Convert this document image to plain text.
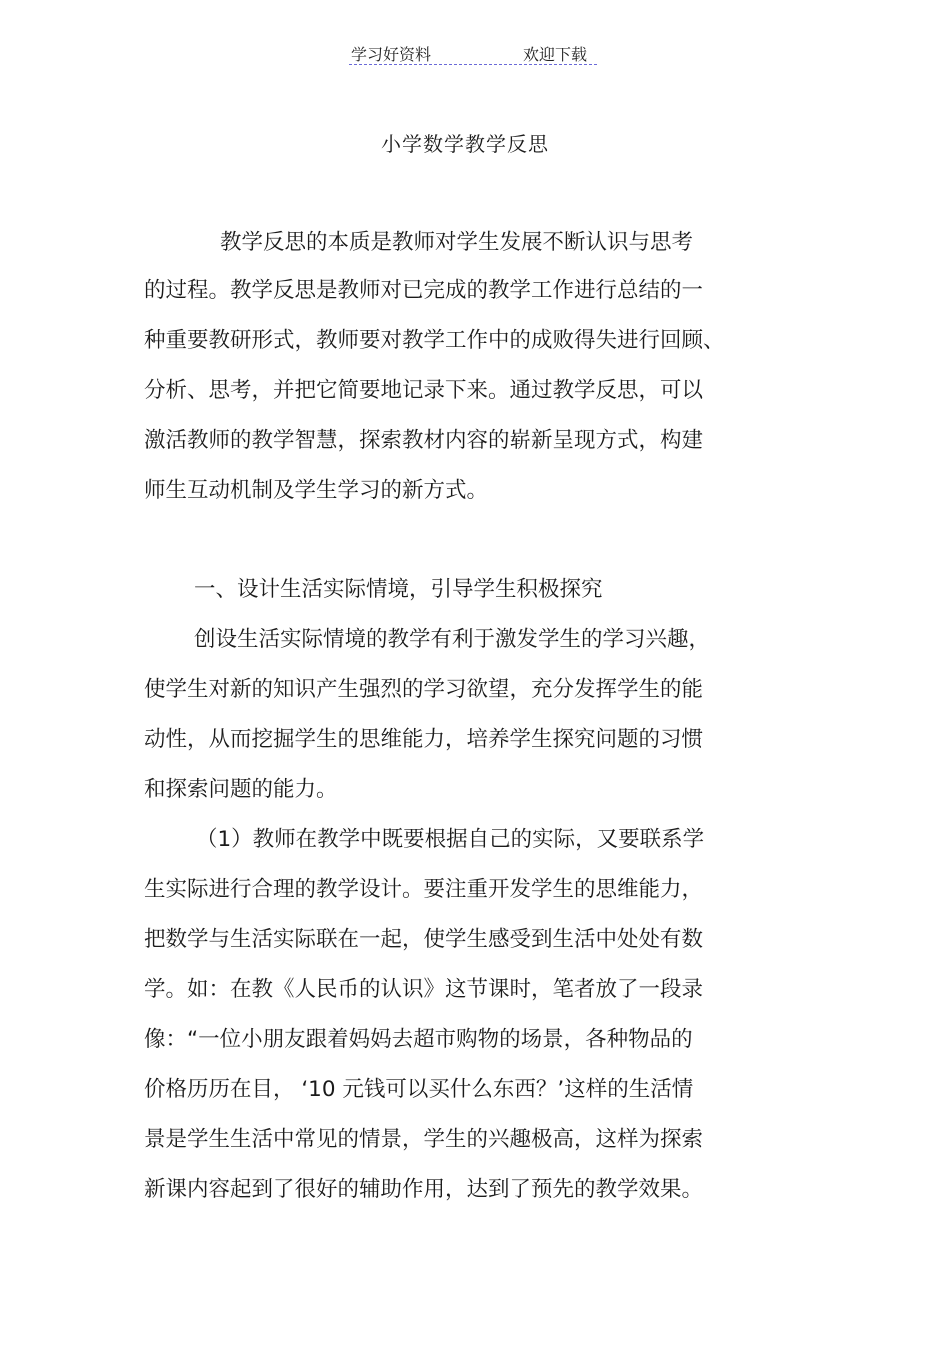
学习好资料	欢迎下载
小学数学教学反思
教学反思的本质是教师对学生发展不断认识与思考
的过程。教学反思是教师对已完成的教学工作进行总结的一
种重要教研形式，教师要对教学工作中的成败得失进行回顾、
分析、思考，并把它简要地记录下来。通过教学反思，可以
激活教师的教学智慧，探索教材内容的崭新呈现方式，构建
师生互动机制及学生学习的新方式。
一、设计生活实际情境，引导学生积极探究
创设生活实际情境的教学有利于激发学生的学习兴趣，
使学生对新的知识产生强烈的学习欲望，充分发挥学生的能
动性，从而挖掘学生的思维能力，培养学生探究问题的习惯
和探索问题的能力。
（1）教师在教学中既要根据自己的实际，又要联系学
生实际进行合理的教学设计。要注重开发学生的思维能力，
把数学与生活实际联在一起，使学生感受到生活中处处有数
学。如：在教《人民币的认识》这节课时，笔者放了一段录
像：“一位小朋友跟着妈妈去超市购物的场景，各种物品的
价格历历在目， ‘10 元钱可以买什么东西？’这样的生活情
景是学生生活中常见的情景，学生的兴趣极高，这样为探索
新课内容起到了很好的辅助作用，达到了预先的教学效果。
